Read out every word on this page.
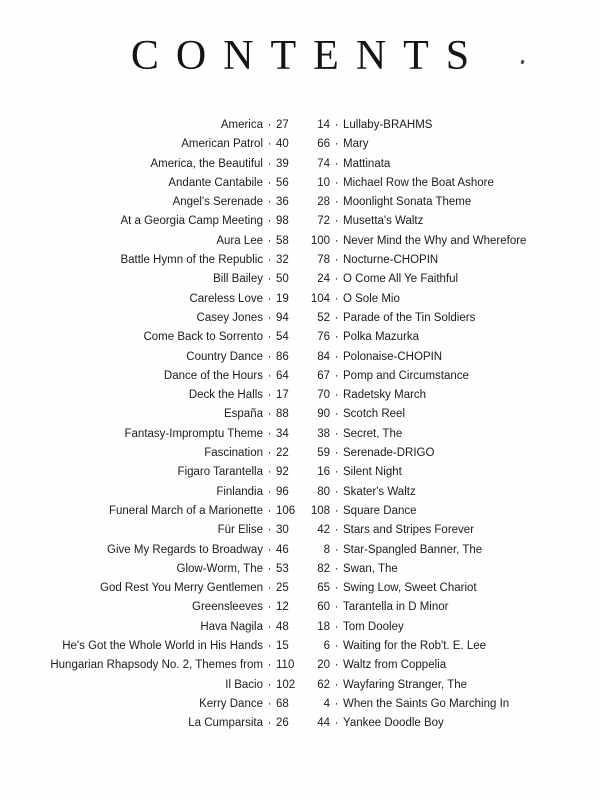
CONTENTS
America · 27
American Patrol · 40
America, the Beautiful · 39
Andante Cantabile · 56
Angel's Serenade · 36
At a Georgia Camp Meeting · 98
Aura Lee · 58
Battle Hymn of the Republic · 32
Bill Bailey · 50
Careless Love · 19
Casey Jones · 94
Come Back to Sorrento · 54
Country Dance · 86
Dance of the Hours · 64
Deck the Halls · 17
España · 88
Fantasy-Impromptu Theme · 34
Fascination · 22
Figaro Tarantella · 92
Finlandia · 96
Funeral March of a Marionette · 106
Für Elise · 30
Give My Regards to Broadway · 46
Glow-Worm, The · 53
God Rest You Merry Gentlemen · 25
Greensleeves · 12
Hava Nagila · 48
He's Got the Whole World in His Hands · 15
Hungarian Rhapsody No. 2, Themes from · 110
Il Bacio · 102
Kerry Dance · 68
La Cumparsita · 26
14 · Lullaby-BRAHMS
66 · Mary
74 · Mattinata
10 · Michael Row the Boat Ashore
28 · Moonlight Sonata Theme
72 · Musetta's Waltz
100 · Never Mind the Why and Wherefore
78 · Nocturne-CHOPIN
24 · O Come All Ye Faithful
104 · O Sole Mio
52 · Parade of the Tin Soldiers
76 · Polka Mazurka
84 · Polonaise-CHOPIN
67 · Pomp and Circumstance
70 · Radetsky March
90 · Scotch Reel
38 · Secret, The
59 · Serenade-DRIGO
16 · Silent Night
80 · Skater's Waltz
108 · Square Dance
42 · Stars and Stripes Forever
8 · Star-Spangled Banner, The
82 · Swan, The
65 · Swing Low, Sweet Chariot
60 · Tarantella in D Minor
18 · Tom Dooley
6 · Waiting for the Rob't. E. Lee
20 · Waltz from Coppelia
62 · Wayfaring Stranger, The
4 · When the Saints Go Marching In
44 · Yankee Doodle Boy
